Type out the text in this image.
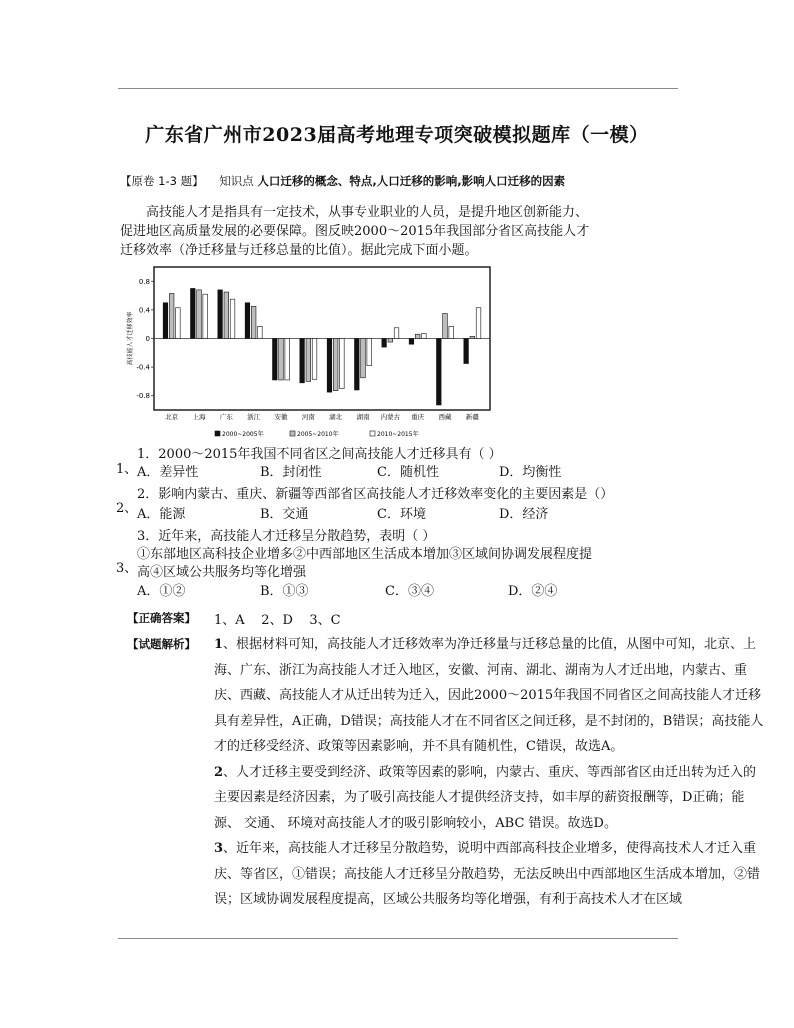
广东省广州市2023届高考地理专项突破模拟题库（一模）
【原卷 1-3 题】 知识点 人口迁移的概念、特点,人口迁移的影响,影响人口迁移的因素

高技能人才是指具有一定技术，从事专业职业的人员，是提升地区创新能力、促进地区高质量发展的必要保障。图反映2000～2015年我国部分省区高技能人才迁移效率（净迁移量与迁移总量的比值）。据此完成下面小题。

高技能人才迁移效率
0.8
0.4
0
-0.4
-0.8
北京 上海 广东 浙江 安徽 河南 湖北 湖南 内蒙古 重庆 西藏 新疆
2000~2005年	2005~2010年	2010~2015年
1、
1．2000～2015年我国不同省区之间高技能人才迁移具有（ ）
A．差异性	B．封闭性	C．随机性	D．均衡性
2、
2．影响内蒙古、重庆、新疆等西部省区高技能人才迁移效率变化的主要因素是（）
A．能源	B．交通	C．环境	D．经济
3、
3．近年来，高技能人才迁移呈分散趋势，表明（ ）
①东部地区高科技企业增多②中西部地区生活成本增加③区域间协调发展程度提
高④区域公共服务均等化增强
A．①②	B．①③	C．③④	D．②④
【正确答案】 1、A    2、D    3、C
【试题解析】 1、根据材料可知，高技能人才迁移效率为净迁移量与迁移总量的比值，从图中可知，北京、上海、广东、浙江为高技能人才迁入地区，安徽、河南、湖北、湖南为人才迁出地，内蒙古、重庆、西藏、高技能人才从迁出转为迁入，因此2000～2015年我国不同省区之间高技能人才迁移具有差异性，A正确，D错误；高技能人才在不同省区之间迁移，是不封闭的，B错误；高技能人才的迁移受经济、政策等因素影响，并不具有随机性，C错误，故选A。

2、人才迁移主要受到经济、政策等因素的影响，内蒙古、重庆、等西部省区由迁出转为迁入的主要因素是经济因素，为了吸引高技能人才提供经济支持，如丰厚的薪资报酬等，D正确；能源、 交通、 环境对高技能人才的吸引影响较小，ABC 错误。故选D。

3、近年来，高技能人才迁移呈分散趋势，说明中西部高科技企业增多，使得高技术人才迁入重庆、等省区，①错误；高技能人才迁移呈分散趋势，无法反映出中西部地区生活成本增加，②错误；区域协调发展程度提高，区域公共服务均等化增强，有利于高技术人才在区域
